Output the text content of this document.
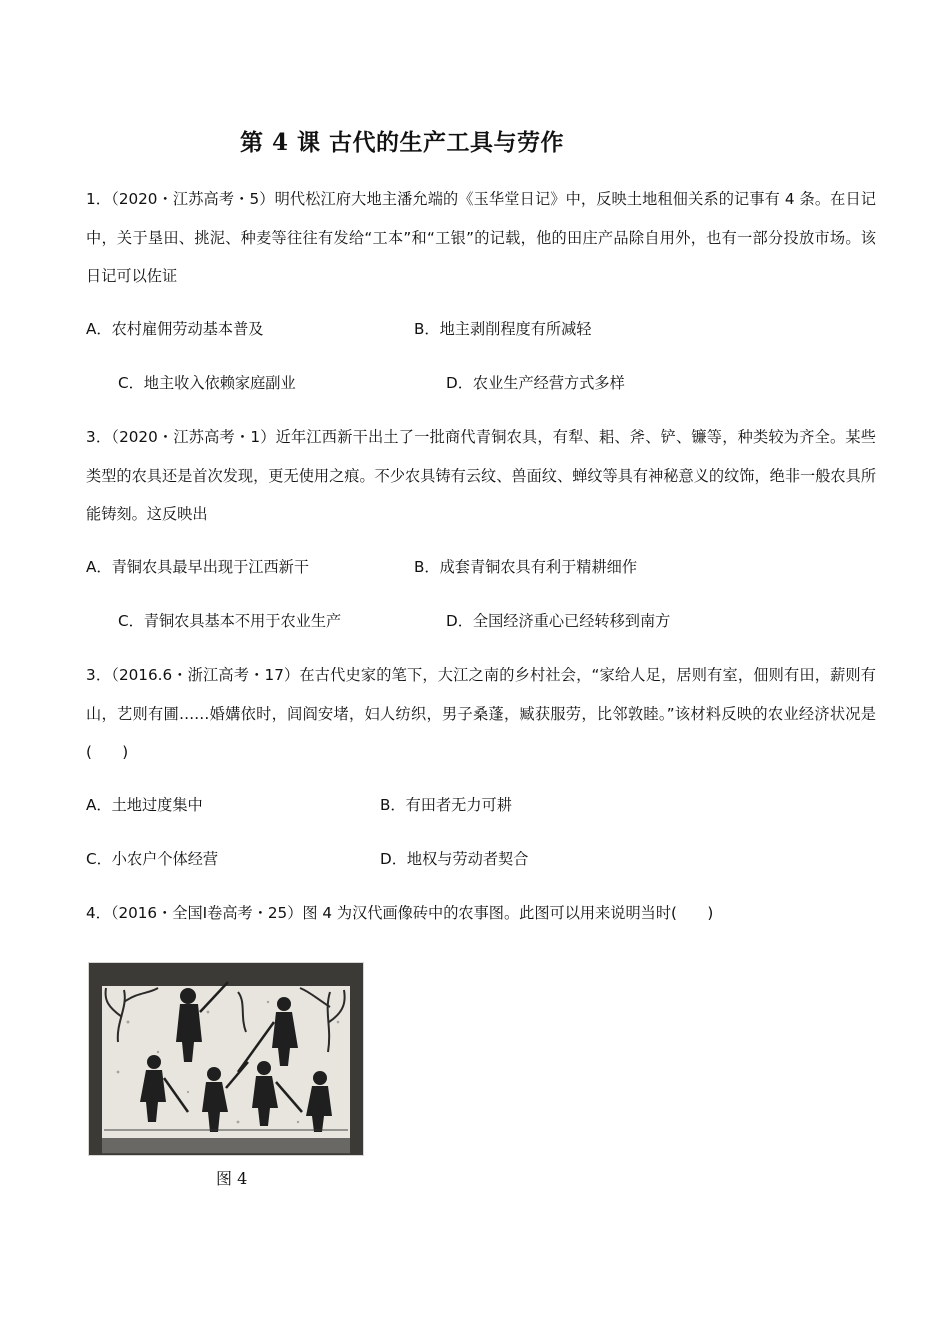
第 4 课 古代的生产工具与劳作
1．（2020・江苏高考・5）明代松江府大地主潘允端的《玉华堂日记》中，反映土地租佃关系的记事有 4 条。在日记中，关于垦田、挑泥、种麦等往往有发给“工本”和“工银”的记载，他的田庄产品除自用外，也有一部分投放市场。该日记可以佐证
A．农村雇佣劳动基本普及	B．地主剥削程度有所减轻
C．地主收入依赖家庭副业	D．农业生产经营方式多样
3．（2020・江苏高考・1）近年江西新干出土了一批商代青铜农具，有犁、耜、斧、铲、镰等，种类较为齐全。某些类型的农具还是首次发现，更无使用之痕。不少农具铸有云纹、兽面纹、蝉纹等具有神秘意义的纹饰，绝非一般农具所能铸刻。这反映出
A．青铜农具最早出现于江西新干	B．成套青铜农具有利于精耕细作
C．青铜农具基本不用于农业生产	D．全国经济重心已经转移到南方
3．（2016.6・浙江高考・17）在古代史家的笔下，大江之南的乡村社会，“家给人足，居则有室，佃则有田，薪则有山，艺则有圃……婚媾依时，闾阎安堵，妇人纺织，男子桑蓬，臧获服劳，比邻敦睦。”该材料反映的农业经济状况是(　　)
A．土地过度集中	B．有田者无力可耕
C．小农户个体经营	D．地权与劳动者契合
4．（2016・全国Ⅰ卷高考・25）图 4 为汉代画像砖中的农事图。此图可以用来说明当时(　　)
图 4
